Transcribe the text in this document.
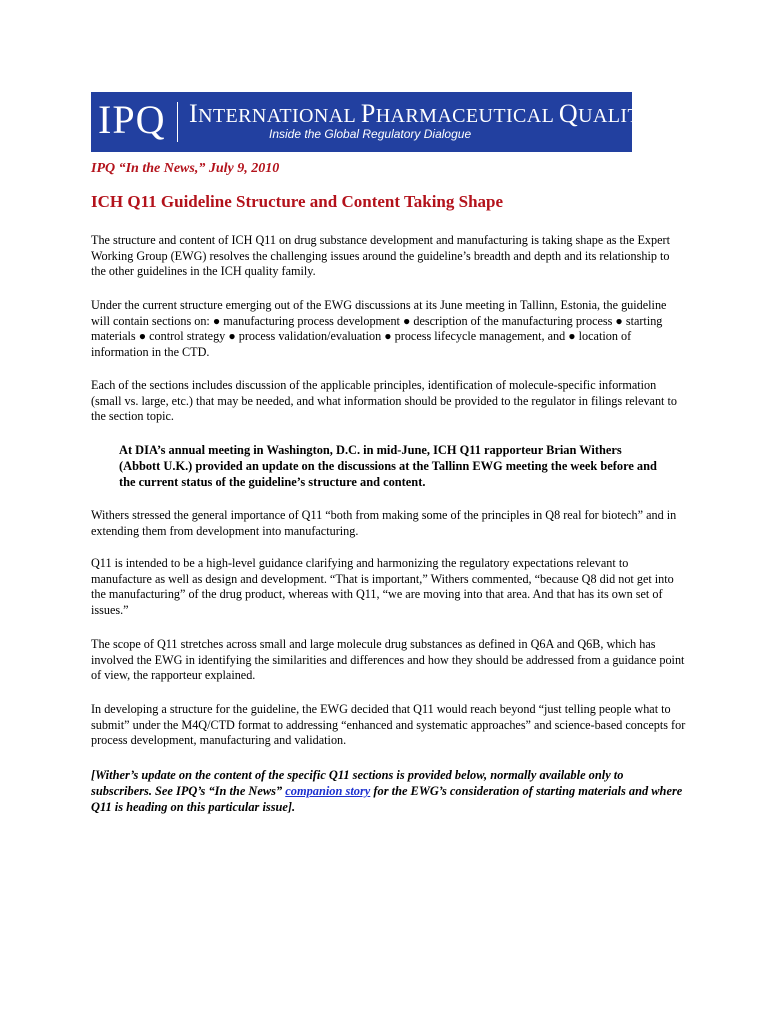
IPQ INTERNATIONAL PHARMACEUTICAL QUALITY
Inside the Global Regulatory Dialogue
IPQ “In the News,” July 9, 2010
ICH Q11 Guideline Structure and Content Taking Shape

The structure and content of ICH Q11 on drug substance development and manufacturing is taking shape as the Expert Working Group (EWG) resolves the challenging issues around the guideline’s breadth and depth and its relationship to the other guidelines in the ICH quality family.

Under the current structure emerging out of the EWG discussions at its June meeting in Tallinn, Estonia, the guideline will contain sections on: ● manufacturing process development ● description of the manufacturing process ● starting materials ● control strategy ● process validation/evaluation ● process lifecycle management, and ● location of information in the CTD.

Each of the sections includes discussion of the applicable principles, identification of molecule-specific information (small vs. large, etc.) that may be needed, and what information should be provided to the regulator in filings relevant to the section topic.

At DIA’s annual meeting in Washington, D.C. in mid-June, ICH Q11 rapporteur Brian Withers (Abbott U.K.) provided an update on the discussions at the Tallinn EWG meeting the week before and the current status of the guideline’s structure and content.

Withers stressed the general importance of Q11 “both from making some of the principles in Q8 real for biotech” and in extending them from development into manufacturing.

Q11 is intended to be a high-level guidance clarifying and harmonizing the regulatory expectations relevant to manufacture as well as design and development. “That is important,” Withers commented, “because Q8 did not get into the manufacturing” of the drug product, whereas with Q11, “we are moving into that area. And that has its own set of issues.”

The scope of Q11 stretches across small and large molecule drug substances as defined in Q6A and Q6B, which has involved the EWG in identifying the similarities and differences and how they should be addressed from a guidance point of view, the rapporteur explained.

In developing a structure for the guideline, the EWG decided that Q11 would reach beyond “just telling people what to submit” under the M4Q/CTD format to addressing “enhanced and systematic approaches” and science-based concepts for process development, manufacturing and validation.

[Wither’s update on the content of the specific Q11 sections is provided below, normally available only to subscribers. See IPQ’s “In the News” companion story for the EWG’s consideration of starting materials and where Q11 is heading on this particular issue].
